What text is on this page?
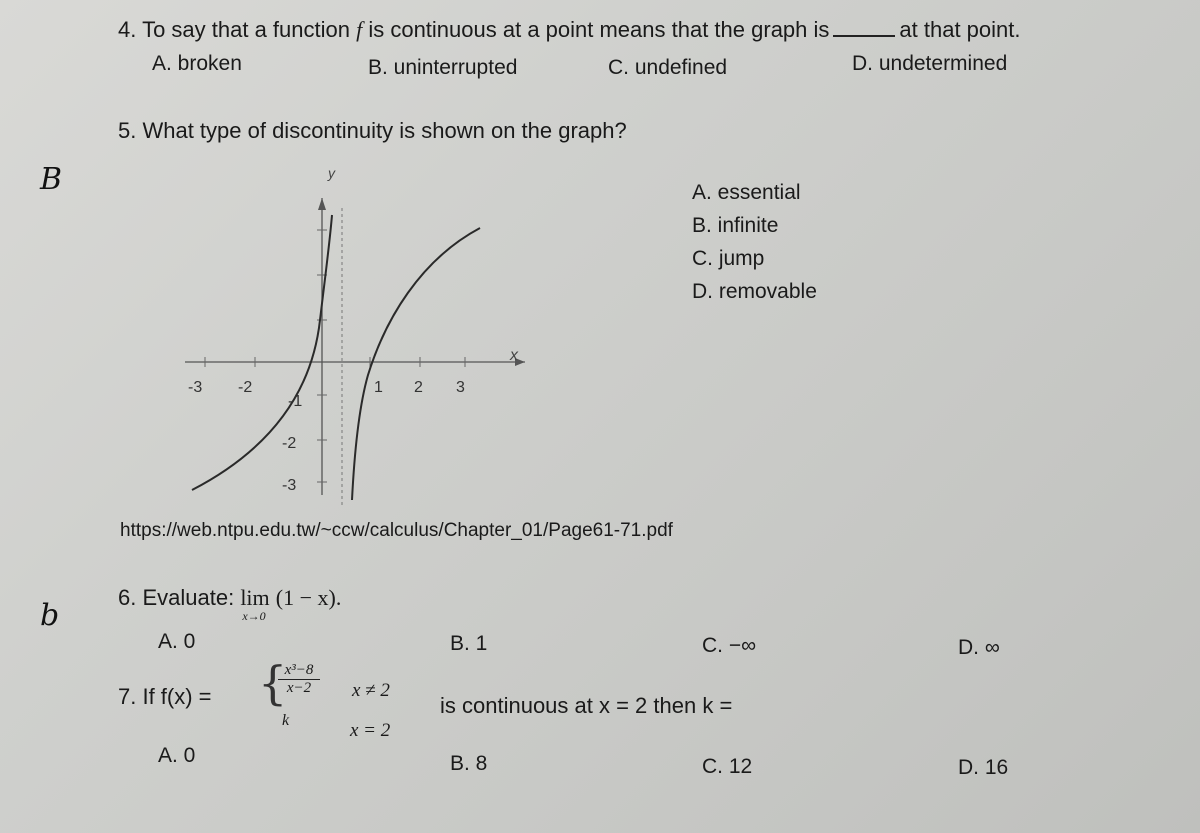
B
b
4. To say that a function f is continuous at a point means that the graph is	at that point.
A. broken	B. uninterrupted	C. undefined	D. undetermined
5. What type of discontinuity is shown on the graph?
A. essential
B. infinite
C. jump
D. removable
y
x
-3 -2	1 2 3
-1
-2
-3
https://web.ntpu.edu.tw/~ccw/calculus/Chapter_01/Page61-71.pdf
6. Evaluate: lim
x→0
(1 − x).
A. 0	B. 1	C. −∞	D. ∞
7. If f(x) = {
$\frac{\text{x³−8}}{x-2}$
k
x ≠ 2
x = 2
is continuous at x = 2 then k =
A. 0	B. 8	C. 12	D. 16
